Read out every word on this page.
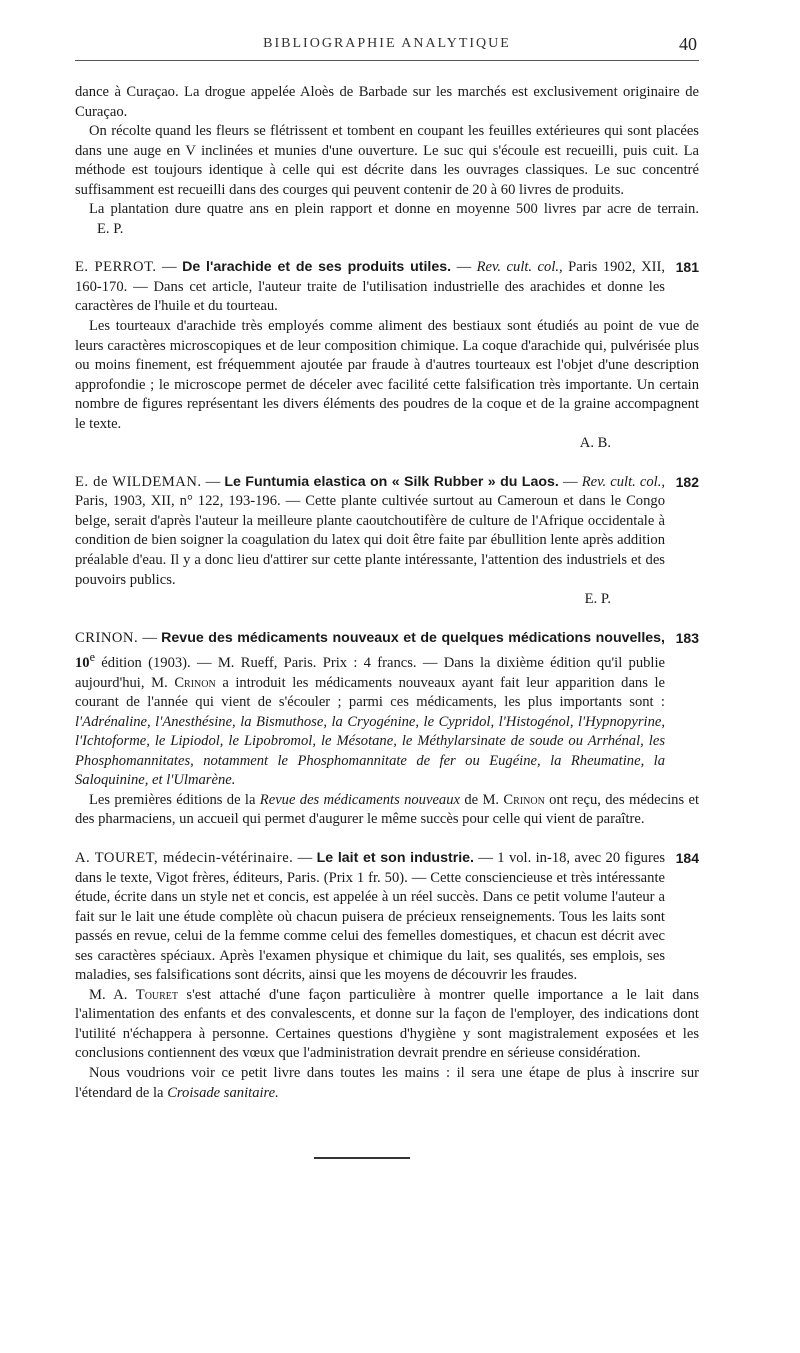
BIBLIOGRAPHIE ANALYTIQUE	40

dance à Curaçao. La drogue appelée Aloès de Barbade sur les marchés est exclusivement originaire de Curaçao.

On récolte quand les fleurs se flétrissent et tombent en coupant les feuilles extérieures qui sont placées dans une auge en V inclinées et munies d'une ouverture. Le suc qui s'écoule est recueilli, puis cuit. La méthode est toujours identique à celle qui est décrite dans les ouvrages classiques. Le suc concentré suffisamment est recueilli dans des courges qui peuvent contenir de 20 à 60 livres de produits.

La plantation dure quatre ans en plein rapport et donne en moyenne 500 livres par acre de terrain.E. P.

181

E. PERROT. — De l'arachide et de ses produits utiles. — Rev. cult. col., Paris 1902, XII, 160-170. — Dans cet article, l'auteur traite de l'utilisation industrielle des arachides et donne les caractères de l'huile et du tourteau.

Les tourteaux d'arachide très employés comme aliment des bestiaux sont étudiés au point de vue de leurs caractères microscopiques et de leur composition chimique. La coque d'arachide qui, pulvérisée plus ou moins finement, est fréquemment ajoutée par fraude à d'autres tourteaux est l'objet d'une description approfondie ; le microscope permet de déceler avec facilité cette falsification très importante. Un certain nombre de figures représentant les divers éléments des poudres de la coque et de la graine accompagnent le texte.

A. B.
182

E. de WILDEMAN. — Le Funtumia elastica on « Silk Rubber » du Laos. — Rev. cult. col., Paris, 1903, XII, n° 122, 193-196. — Cette plante cultivée surtout au Cameroun et dans le Congo belge, serait d'après l'auteur la meilleure plante caoutchoutifère de culture de l'Afrique occidentale à condition de bien soigner la coagulation du latex qui doit être faite par ébullition lente après addition préalable d'eau. Il y a donc lieu d'attirer sur cette plante intéressante, l'attention des industriels et des pouvoirs publics.

E. P.
183

CRINON. — Revue des médicaments nouveaux et de quelques médications nouvelles, 10e édition (1903). — M. Rueff, Paris. Prix : 4 francs. — Dans la dixième édition qu'il publie aujourd'hui, M. Crinon a introduit les médicaments nouveaux ayant fait leur apparition dans le courant de l'année qui vient de s'écouler ; parmi ces médicaments, les plus importants sont : l'Adrénaline, l'Anesthésine, la Bismuthose, la Cryogénine, le Cypridol, l'Histogénol, l'Hypnopyrine, l'Ichtoforme, le Lipiodol, le Lipobromol, le Mésotane, le Méthylarsinate de soude ou Arrhénal, les Phosphomannitates, notamment le Phosphomannitate de fer ou Eugéine, la Rheumatine, la Saloquinine, et l'Ulmarène.

Les premières éditions de la Revue des médicaments nouveaux de M. Crinon ont reçu, des médecins et des pharmaciens, un accueil qui permet d'augurer le même succès pour celle qui vient de paraître.

184

A. TOURET, médecin-vétérinaire. — Le lait et son industrie. — 1 vol. in-18, avec 20 figures dans le texte, Vigot frères, éditeurs, Paris. (Prix 1 fr. 50). — Cette consciencieuse et très intéressante étude, écrite dans un style net et concis, est appelée à un réel succès. Dans ce petit volume l'auteur a fait sur le lait une étude complète où chacun puisera de précieux renseignements. Tous les laits sont passés en revue, celui de la femme comme celui des femelles domestiques, et chacun est décrit avec ses caractères spéciaux. Après l'examen physique et chimique du lait, ses qualités, ses emplois, ses maladies, ses falsifications sont décrits, ainsi que les moyens de découvrir les fraudes.

M. A. Touret s'est attaché d'une façon particulière à montrer quelle importance a le lait dans l'alimentation des enfants et des convalescents, et donne sur la façon de l'employer, des indications dont l'utilité n'échappera à personne. Certaines questions d'hygiène y sont magistralement exposées et les conclusions contiennent des vœux que l'administration devrait prendre en sérieuse considération.

Nous voudrions voir ce petit livre dans toutes les mains : il sera une étape de plus à inscrire sur l'étendard de la Croisade sanitaire.
